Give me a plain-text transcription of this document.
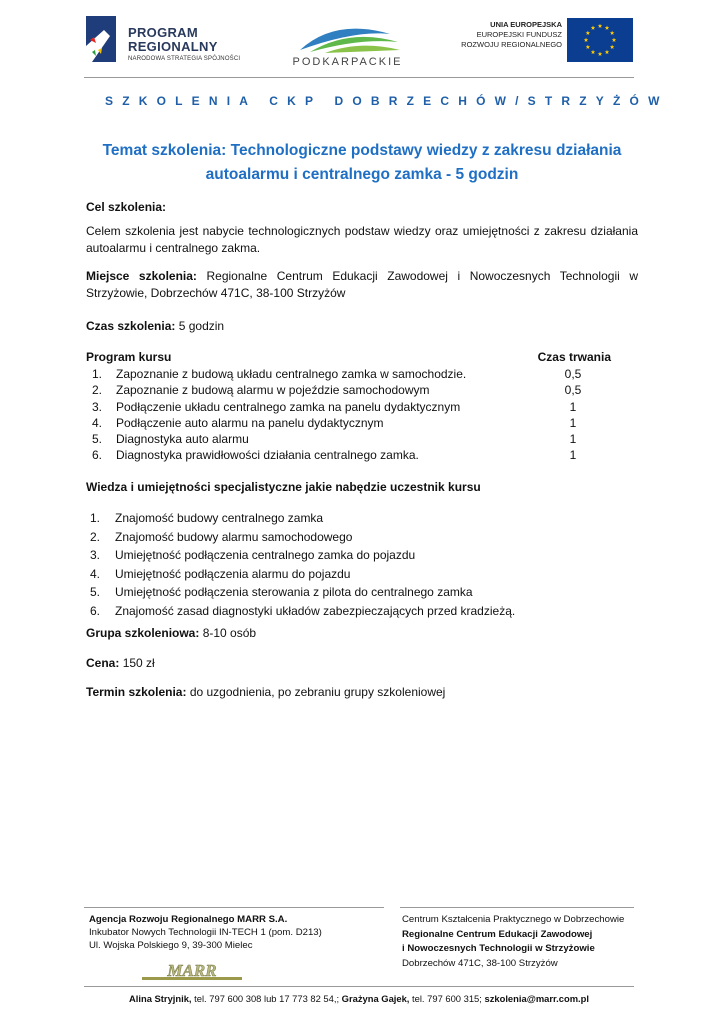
PROGRAM
REGIONALNY
NARODOWA STRATEGIA SPÓJNOŚCI	PODKARPACKIE
UNIA EUROPEJSKA
EUROPEJSKI FUNDUSZ
ROZWOJU REGIONALNEGO
SZKOLENIA CKP DOBRZECHÓW/STRZYŻÓW
Temat szkolenia: Technologiczne podstawy wiedzy z zakresu działania autoalarmu i centralnego zamka - 5 godzin
Cel szkolenia:
Celem szkolenia jest nabycie technologicznych podstaw wiedzy oraz umiejętności z zakresu działania autoalarmu i centralnego zakma.
Miejsce szkolenia: Regionalne Centrum Edukacji Zawodowej i Nowoczesnych Technologii w Strzyżowie, Dobrzechów 471C, 38-100 Strzyżów
Czas szkolenia: 5 godzin
Program kursu	Czas trwania
1.	Zapoznanie z budową układu centralnego zamka w samochodzie.	0,5
2.	Zapoznanie z budową alarmu w pojeździe samochodowym	0,5
3.	Podłączenie układu centralnego zamka na panelu dydaktycznym	1
4.	Podłączenie auto alarmu na panelu dydaktycznym	1
5.	Diagnostyka auto alarmu	1
6.	Diagnostyka prawidłowości działania centralnego zamka.	1
Wiedza i umiejętności specjalistyczne jakie nabędzie uczestnik kursu
1.	Znajomość budowy centralnego zamka
2.	Znajomość budowy alarmu samochodowego
3.	Umiejętność podłączenia centralnego zamka do pojazdu
4.	Umiejętność podłączenia alarmu do pojazdu
5.	Umiejętność podłączenia sterowania z pilota do centralnego zamka
6.	Znajomość zasad diagnostyki układów zabezpieczających przed kradzieżą.
Grupa szkoleniowa: 8-10 osób
Cena: 150 zł
Termin szkolenia: do uzgodnienia, po zebraniu grupy szkoleniowej
Agencja Rozwoju Regionalnego MARR S.A.
Inkubator Nowych Technologii IN-TECH 1 (pom. D213)
Ul. Wojska Polskiego 9, 39-300 Mielec
MARR
Centrum Kształcenia Praktycznego w Dobrzechowie
Regionalne Centrum Edukacji Zawodowej
i Nowoczesnych Technologii w Strzyżowie
Dobrzechów 471C, 38-100 Strzyżów
Alina Stryjnik, tel. 797 600 308 lub 17 773 82 54,; Grażyna Gajek, tel. 797 600 315; szkolenia@marr.com.pl
